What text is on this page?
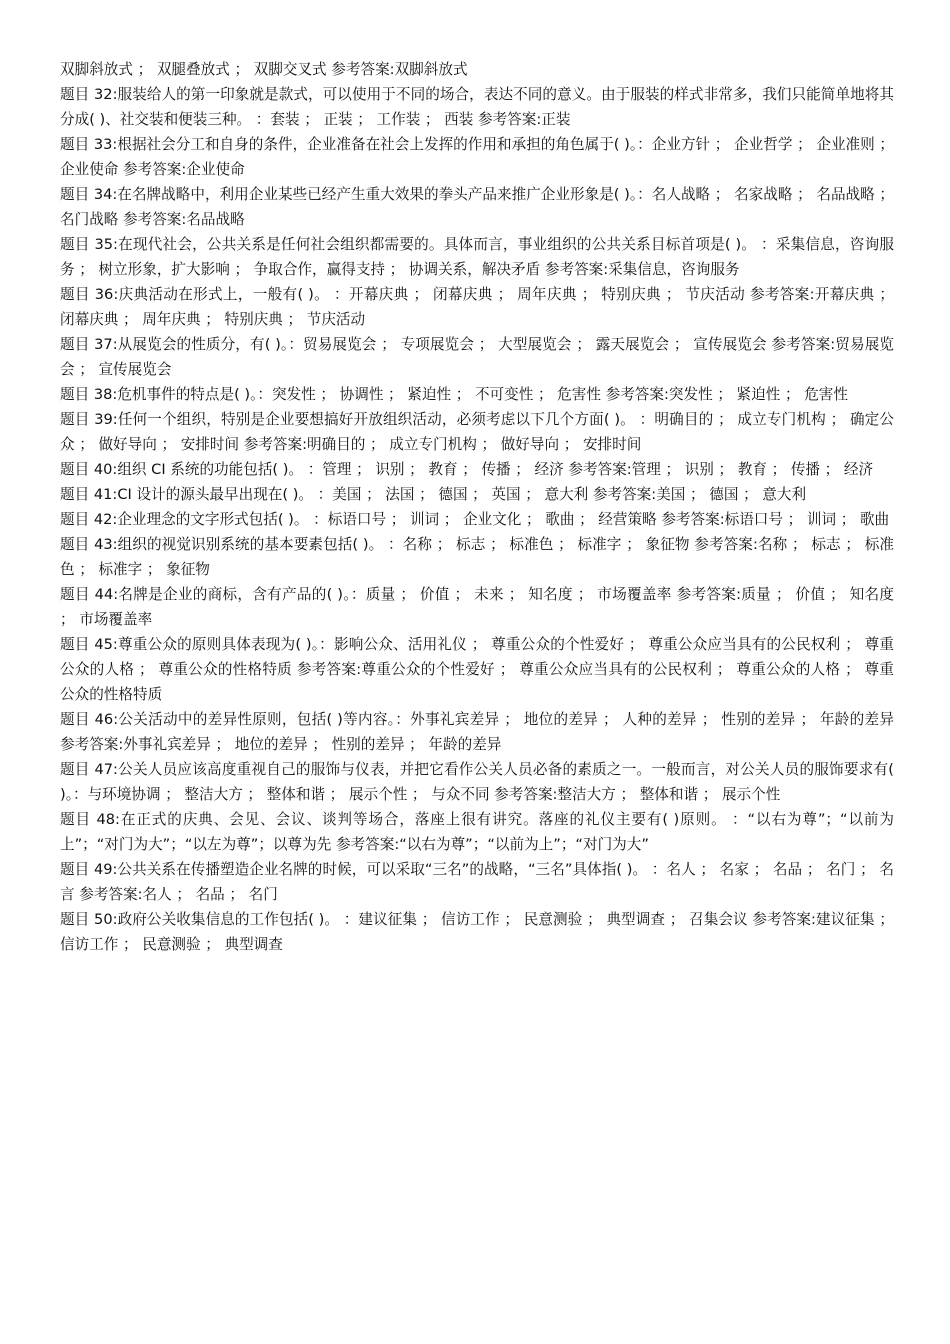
双脚斜放式 ； 双腿叠放式 ； 双脚交叉式 参考答案:双脚斜放式

题目 32:服装给人的第一印象就是款式，可以使用于不同的场合，表达不同的意义。由于服装的样式非常多，我们只能简单地将其分成( )、社交装和便装三种。 ：套装 ； 正装 ； 工作装 ； 西装 参考答案:正装

题目 33:根据社会分工和自身的条件，企业准备在社会上发挥的作用和承担的角色属于( )。：企业方针 ； 企业哲学 ； 企业准则 ； 企业使命 参考答案:企业使命

题目 34:在名牌战略中，利用企业某些已经产生重大效果的拳头产品来推广企业形象是( )。：名人战略 ； 名家战略 ； 名品战略 ； 名门战略 参考答案:名品战略

题目 35:在现代社会，公共关系是任何社会组织都需要的。具体而言，事业组织的公共关系目标首项是( )。 ：采集信息，咨询服务 ； 树立形象，扩大影响 ； 争取合作，赢得支持 ； 协调关系，解决矛盾 参考答案:采集信息，咨询服务

题目 36:庆典活动在形式上，一般有( )。 ：开幕庆典 ； 闭幕庆典 ； 周年庆典 ； 特别庆典 ； 节庆活动 参考答案:开幕庆典 ； 闭幕庆典 ； 周年庆典 ； 特别庆典 ； 节庆活动

题目 37:从展览会的性质分，有( )。：贸易展览会 ； 专项展览会 ； 大型展览会 ； 露天展览会 ； 宣传展览会 参考答案:贸易展览会 ； 宣传展览会

题目 38:危机事件的特点是( )。：突发性 ； 协调性 ； 紧迫性 ； 不可变性 ； 危害性 参考答案:突发性 ； 紧迫性 ； 危害性

题目 39:任何一个组织，特别是企业要想搞好开放组织活动，必须考虑以下几个方面( )。 ：明确目的 ； 成立专门机构 ； 确定公众 ； 做好导向 ； 安排时间 参考答案:明确目的 ； 成立专门机构 ； 做好导向 ； 安排时间

题目 40:组织 CI 系统的功能包括( )。 ：管理 ； 识别 ； 教育 ； 传播 ； 经济 参考答案:管理 ； 识别 ； 教育 ； 传播 ； 经济

题目 41:CI 设计的源头最早出现在( )。 ：美国 ； 法国 ； 德国 ； 英国 ； 意大利 参考答案:美国 ； 德国 ； 意大利

题目 42:企业理念的文字形式包括( )。 ：标语口号 ； 训词 ； 企业文化 ； 歌曲 ； 经营策略 参考答案:标语口号 ； 训词 ； 歌曲

题目 43:组织的视觉识别系统的基本要素包括( )。 ：名称 ； 标志 ； 标准色 ； 标准字 ； 象征物 参考答案:名称 ； 标志 ； 标准色 ； 标准字 ； 象征物

题目 44:名牌是企业的商标，含有产品的( )。：质量 ； 价值 ； 未来 ； 知名度 ； 市场覆盖率 参考答案:质量 ； 价值 ； 知名度 ； 市场覆盖率

题目 45:尊重公众的原则具体表现为( )。：影响公众、活用礼仪 ； 尊重公众的个性爱好 ； 尊重公众应当具有的公民权利 ； 尊重公众的人格 ； 尊重公众的性格特质 参考答案:尊重公众的个性爱好 ； 尊重公众应当具有的公民权利 ； 尊重公众的人格 ； 尊重公众的性格特质

题目 46:公关活动中的差异性原则，包括( )等内容。：外事礼宾差异 ； 地位的差异 ； 人种的差异 ； 性别的差异 ； 年龄的差异 参考答案:外事礼宾差异 ； 地位的差异 ； 性别的差异 ； 年龄的差异

题目 47:公关人员应该高度重视自己的服饰与仪表，并把它看作公关人员必备的素质之一。一般而言，对公关人员的服饰要求有( )。：与环境协调 ； 整洁大方 ； 整体和谐 ； 展示个性 ； 与众不同 参考答案:整洁大方 ； 整体和谐 ； 展示个性

题目 48:在正式的庆典、会见、会议、谈判等场合，落座上很有讲究。落座的礼仪主要有( )原则。 ：“以右为尊”；“以前为上”；“对门为大”；“以左为尊”；以尊为先 参考答案:“以右为尊”；“以前为上”；“对门为大”

题目 49:公共关系在传播塑造企业名牌的时候，可以采取“三名”的战略，“三名”具体指( )。 ：名人 ； 名家 ； 名品 ； 名门 ； 名言 参考答案:名人 ； 名品 ； 名门

题目 50:政府公关收集信息的工作包括( )。 ：建议征集 ； 信访工作 ； 民意测验 ； 典型调查 ； 召集会议 参考答案:建议征集 ； 信访工作 ； 民意测验 ； 典型调查
